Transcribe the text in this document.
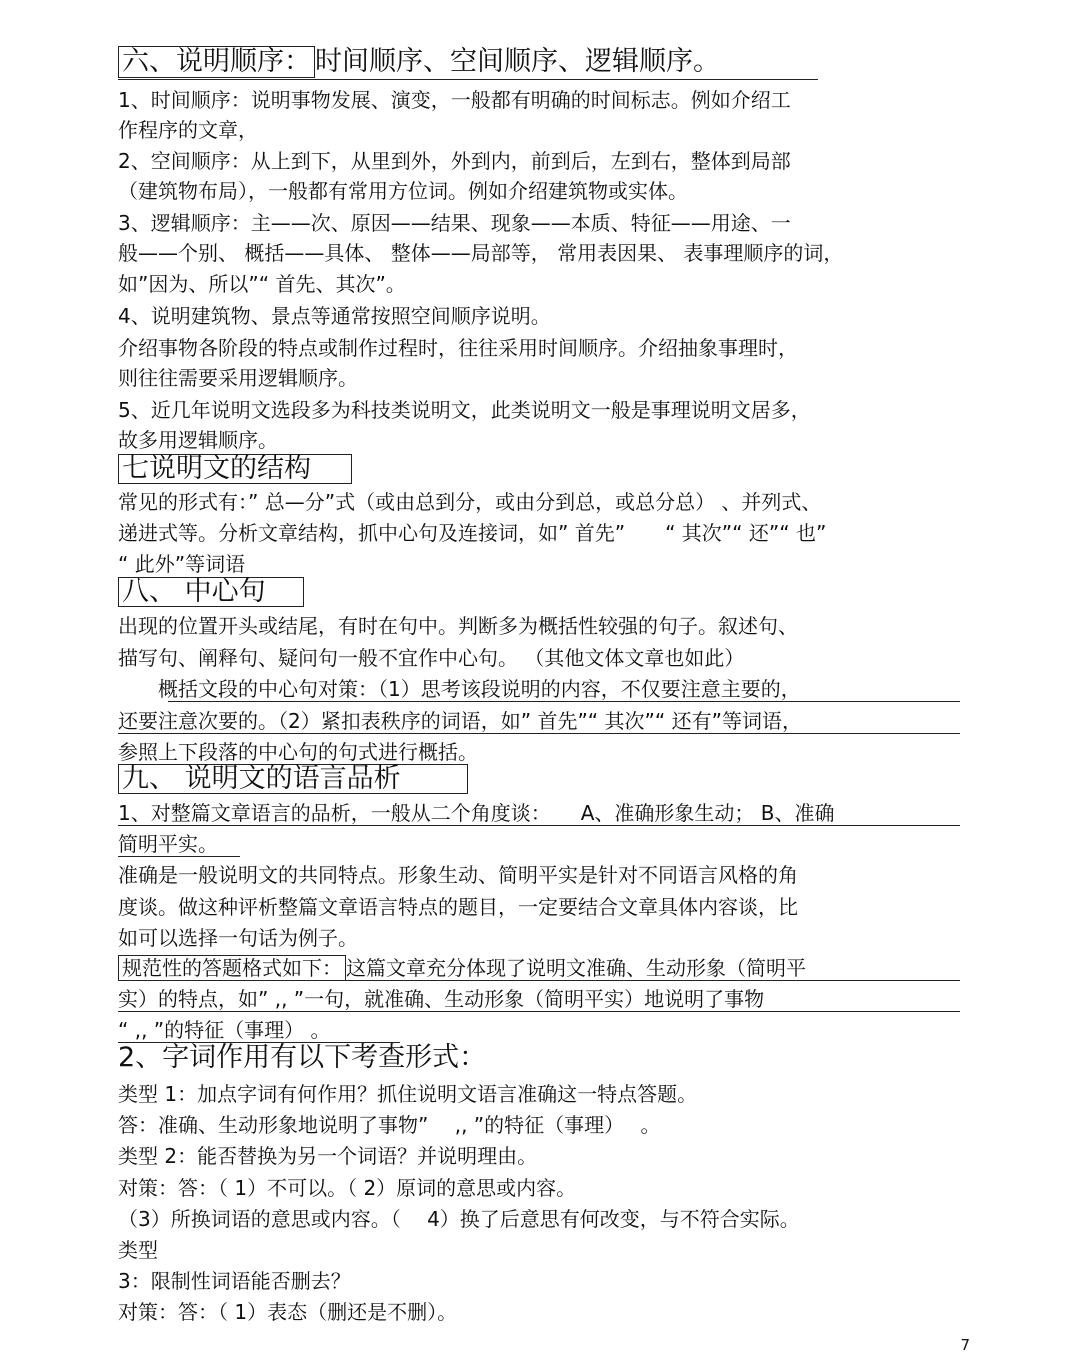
六、说明顺序： 时间顺序、空间顺序、逻辑顺序。
1、时间顺序：说明事物发展、演变，一般都有明确的时间标志。例如介绍工
作程序的文章，
2、空间顺序：从上到下，从里到外，外到内，前到后，左到右，整体到局部
（建筑物布局），一般都有常用方位词。例如介绍建筑物或实体。
3、逻辑顺序：主——次、原因——结果、现象——本质、特征——用途、一
般——个别、 概括——具体、 整体——局部等， 常用表因果、 表事理顺序的词，
如”因为、所以”“ 首先、其次”。
4、说明建筑物、景点等通常按照空间顺序说明。
介绍事物各阶段的特点或制作过程时，往往采用时间顺序。介绍抽象事理时，
则往往需要采用逻辑顺序。
5、近几年说明文选段多为科技类说明文，此类说明文一般是事理说明文居多，
故多用逻辑顺序。
七说明文的结构
常见的形式有：” 总—分”式（或由总到分，或由分到总，或总分总） 、并列式、
递进式等。分析文章结构，抓中心句及连接词，如” 首先”　　“ 其次”“ 还”“ 也”
“ 此外”等词语
八、 中心句
出现的位置开头或结尾，有时在句中。判断多为概括性较强的句子。叙述句、
描写句、阐释句、疑问句一般不宜作中心句。 （其他文体文章也如此）
　　概括文段的中心句对策：（1）思考该段说明的内容，不仅要注意主要的，
还要注意次要的。（2）紧扣表秩序的词语，如” 首先”“ 其次”“ 还有”等词语，
参照上下段落的中心句的句式进行概括。
九、 说明文的语言品析
1、对整篇文章语言的品析，一般从二个角度谈：　　A、准确形象生动； B、准确
简明平实。
准确是一般说明文的共同特点。形象生动、简明平实是针对不同语言风格的角
度谈。做这种评析整篇文章语言特点的题目，一定要结合文章具体内容谈，比
如可以选择一句话为例子。
规范性的答题格式如下： 这篇文章充分体现了说明文准确、生动形象（简明平
实）的特点，如” ,, ”一句，就准确、生动形象（简明平实）地说明了事物
“ ,, ”的特征（事理） 。
2、字词作用有以下考查形式：
类型 1：加点字词有何作用？抓住说明文语言准确这一特点答题。
答：准确、生动形象地说明了事物”　 ,, ”的特征（事理）　 。
类型 2：能否替换为另一个词语？并说明理由。
对策：答：（ 1）不可以。（ 2）原词的意思或内容。
（3）所换词语的意思或内容。（　 4）换了后意思有何改变，与不符合实际。
类型
3：限制性词语能否删去？
对策：答：（ 1）表态（删还是不删）。
7
